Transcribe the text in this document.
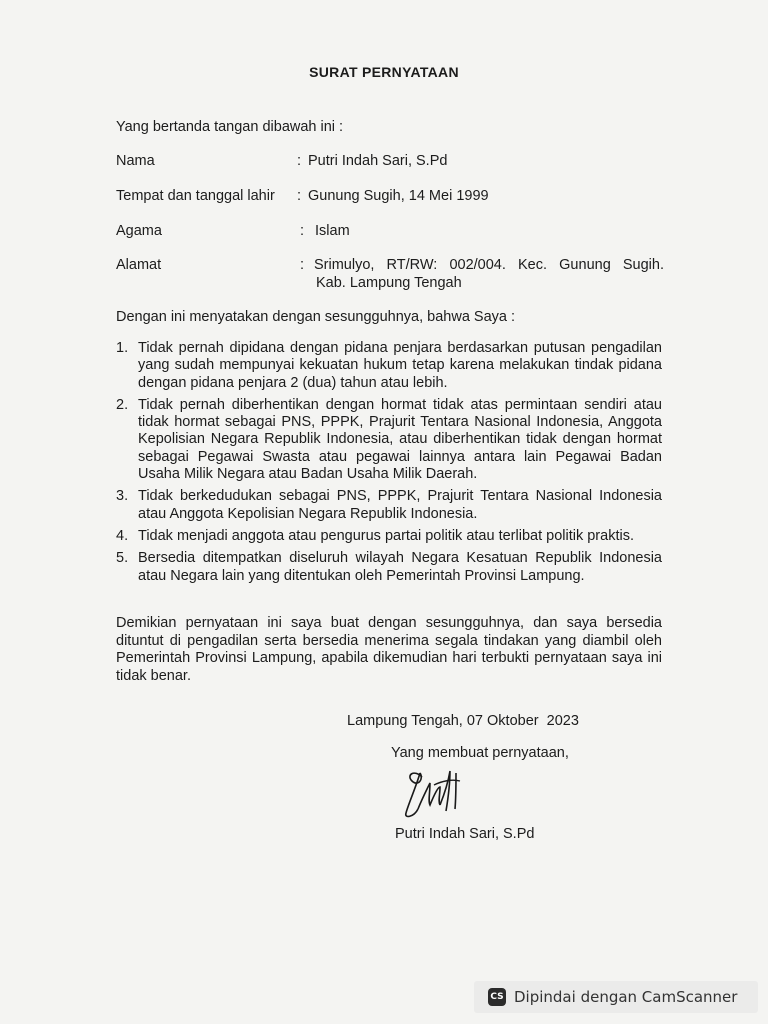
SURAT PERNYATAAN
Yang bertanda tangan dibawah ini :
Nama	: Putri Indah Sari, S.Pd
Tempat dan tanggal lahir : Gunung Sugih, 14 Mei 1999
Agama	: Islam
Alamat	: Srimulyo, RT/RW: 002/004. Kec. Gunung Sugih.
Kab. Lampung Tengah
Dengan ini menyatakan dengan sesungguhnya, bahwa Saya :
1. Tidak pernah dipidana dengan pidana penjara berdasarkan putusan pengadilan yang sudah mempunyai kekuatan hukum tetap karena melakukan tindak pidana dengan pidana penjara 2 (dua) tahun atau lebih.
2. Tidak pernah diberhentikan dengan hormat tidak atas permintaan sendiri atau tidak hormat sebagai PNS, PPPK, Prajurit Tentara Nasional Indonesia, Anggota Kepolisian Negara Republik Indonesia, atau diberhentikan tidak dengan hormat sebagai Pegawai Swasta atau pegawai lainnya antara lain Pegawai Badan Usaha Milik Negara atau Badan Usaha Milik Daerah.
3. Tidak berkedudukan sebagai PNS, PPPK, Prajurit Tentara Nasional Indonesia atau Anggota Kepolisian Negara Republik Indonesia.
4. Tidak menjadi anggota atau pengurus partai politik atau terlibat politik praktis.
5. Bersedia ditempatkan diseluruh wilayah Negara Kesatuan Republik Indonesia atau Negara lain yang ditentukan oleh Pemerintah Provinsi Lampung.
Demikian pernyataan ini saya buat dengan sesungguhnya, dan saya bersedia dituntut di pengadilan serta bersedia menerima segala tindakan yang diambil oleh Pemerintah Provinsi Lampung, apabila dikemudian hari terbukti pernyataan saya ini tidak benar.
Lampung Tengah, 07 Oktober  2023
Yang membuat pernyataan,
Putri Indah Sari, S.Pd
CS Dipindai dengan CamScanner
